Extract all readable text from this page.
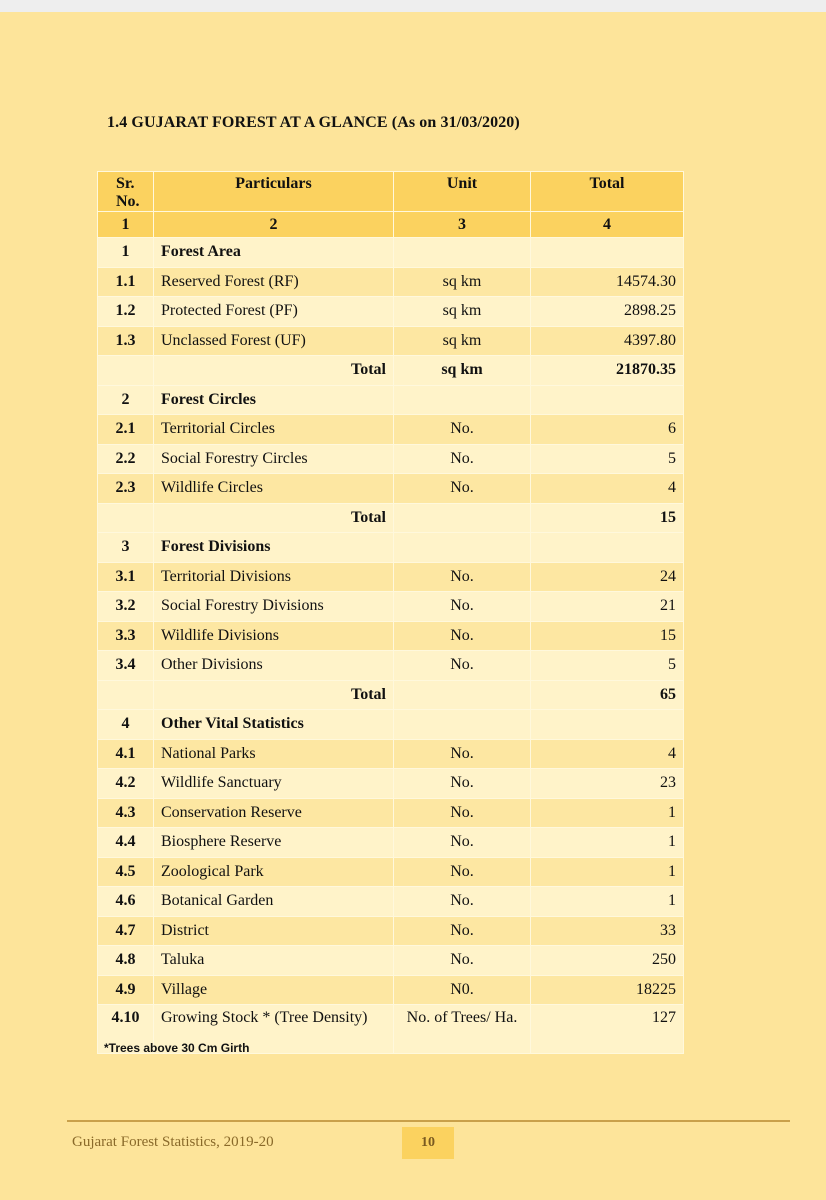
1.4 GUJARAT FOREST AT A GLANCE (As on 31/03/2020)
Sr. No.	Particulars	Unit	Total
1	2	3	4
1	Forest Area		
1.1	Reserved Forest (RF)	sq km	14574.30
1.2	Protected Forest (PF)	sq km	2898.25
1.3	Unclassed Forest (UF)	sq km	4397.80
	Total	sq km	21870.35
2	Forest Circles		
2.1	Territorial Circles	No.	6
2.2	Social Forestry Circles	No.	5
2.3	Wildlife Circles	No.	4
	Total		15
3	Forest Divisions		
3.1	Territorial Divisions	No.	24
3.2	Social Forestry Divisions	No.	21
3.3	Wildlife Divisions	No.	15
3.4	Other Divisions	No.	5
	Total		65
4	Other Vital Statistics		
4.1	National Parks	No.	4
4.2	Wildlife Sanctuary	No.	23
4.3	Conservation Reserve	No.	1
4.4	Biosphere Reserve	No.	1
4.5	Zoological Park	No.	1
4.6	Botanical Garden	No.	1
4.7	District	No.	33
4.8	Taluka	No.	250
4.9	Village	N0.	18225
4.10	Growing Stock * (Tree Density)	No. of Trees/ Ha.	127
*Trees above 30 Cm Girth
Gujarat Forest Statistics, 2019-20	10
